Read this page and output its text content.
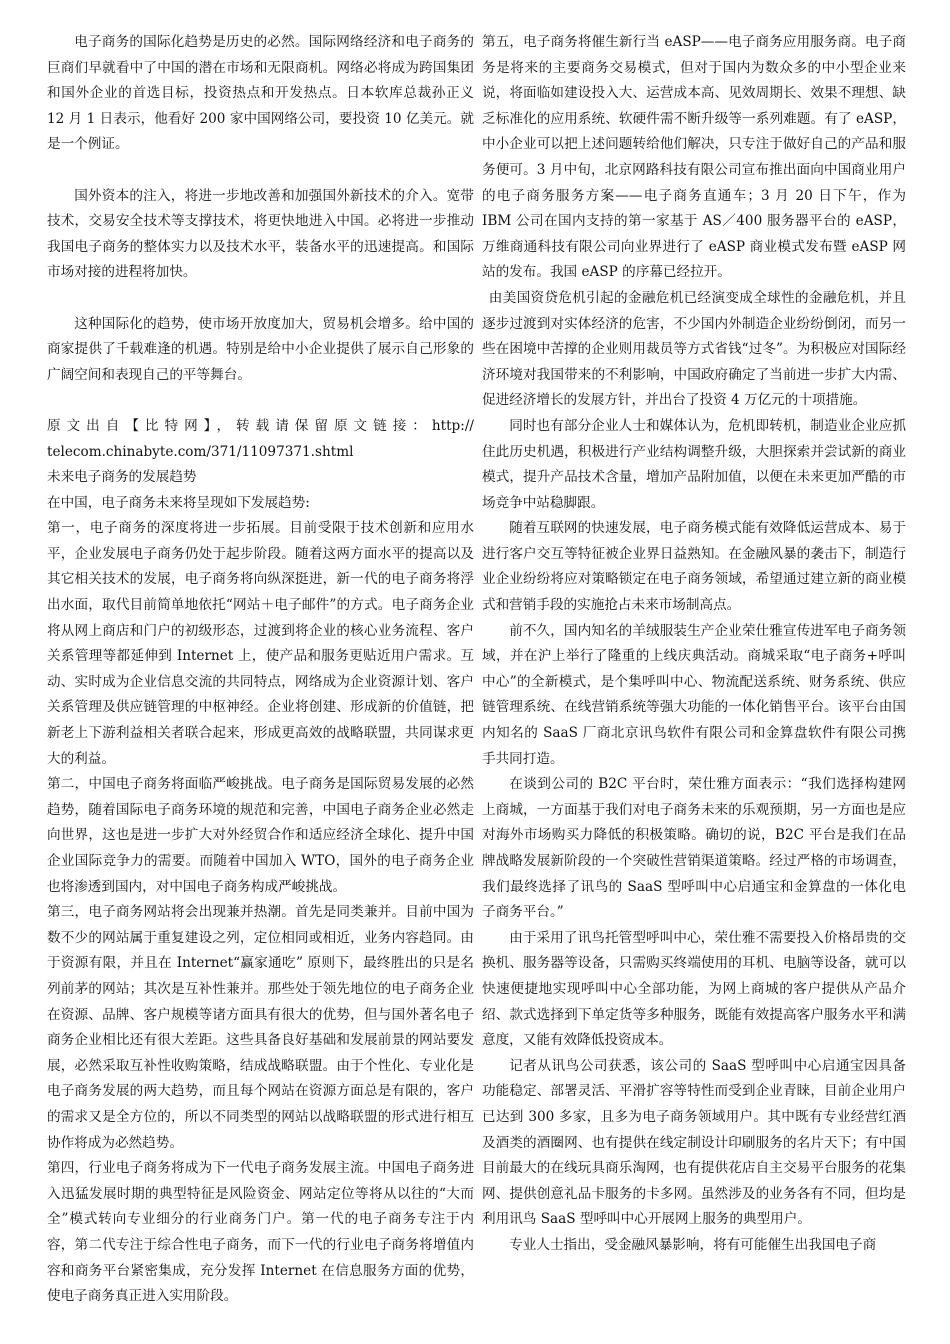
电子商务的国际化趋势是历史的必然。国际网络经济和电子商务的巨商们早就看中了中国的潜在市场和无限商机。网络必将成为跨国集团和国外企业的首选目标，投资热点和开发热点。日本软库总裁孙正义 12 月 1 日表示，他看好 200 家中国网络公司，要投资 10 亿美元。就是一个例证。

国外资本的注入，将进一步地改善和加强国外新技术的介入。宽带技术，交易安全技术等支撑技术，将更快地进入中国。必将进一步推动我国电子商务的整体实力以及技术水平，装备水平的迅速提高。和国际市场对接的进程将加快。

这种国际化的趋势，使市场开放度加大，贸易机会增多。给中国的商家提供了千载难逢的机遇。特别是给中小企业提供了展示自己形象的广阔空间和表现自己的平等舞台。

原文出自【比特网】，转载请保留原文链接：http://

telecom.chinabyte.com/371/11097371.shtml

未来电子商务的发展趋势

在中国，电子商务未来将呈现如下发展趋势:

第一，电子商务的深度将进一步拓展。目前受限于技术创新和应用水平，企业发展电子商务仍处于起步阶段。随着这两方面水平的提高以及其它相关技术的发展，电子商务将向纵深挺进，新一代的电子商务将浮出水面，取代目前简单地依托“网站＋电子邮件”的方式。电子商务企业将从网上商店和门户的初级形态，过渡到将企业的核心业务流程、客户关系管理等都延伸到 Internet 上，使产品和服务更贴近用户需求。互动、实时成为企业信息交流的共同特点，网络成为企业资源计划、客户关系管理及供应链管理的中枢神经。企业将创建、形成新的价值链，把新老上下游利益相关者联合起来，形成更高效的战略联盟，共同谋求更大的利益。

第二，中国电子商务将面临严峻挑战。电子商务是国际贸易发展的必然趋势，随着国际电子商务环境的规范和完善，中国电子商务企业必然走向世界，这也是进一步扩大对外经贸合作和适应经济全球化、提升中国企业国际竞争力的需要。而随着中国加入 WTO，国外的电子商务企业也将渗透到国内，对中国电子商务构成严峻挑战。

第三，电子商务网站将会出现兼并热潮。首先是同类兼并。目前中国为数不少的网站属于重复建设之列，定位相同或相近，业务内容趋同。由于资源有限，并且在 Internet“赢家通吃” 原则下，最终胜出的只是名列前茅的网站；其次是互补性兼并。那些处于领先地位的电子商务企业在资源、品牌、客户规模等诸方面具有很大的优势，但与国外著名电子商务企业相比还有很大差距。这些具备良好基础和发展前景的网站要发展，必然采取互补性收购策略，结成战略联盟。由于个性化、专业化是电子商务发展的两大趋势，而且每个网站在资源方面总是有限的，客户的需求又是全方位的，所以不同类型的网站以战略联盟的形式进行相互协作将成为必然趋势。

第四，行业电子商务将成为下一代电子商务发展主流。中国电子商务进入迅猛发展时期的典型特征是风险资金、网站定位等将从以往的“大而全”模式转向专业细分的行业商务门户。第一代的电子商务专注于内容，第二代专注于综合性电子商务，而下一代的行业电子商务将增值内容和商务平台紧密集成，充分发挥 Internet 在信息服务方面的优势，使电子商务真正进入实用阶段。

第五，电子商务将催生新行当 eASP——电子商务应用服务商。电子商务是将来的主要商务交易模式，但对于国内为数众多的中小型企业来说，将面临如建设投入大、运营成本高、见效周期长、效果不理想、缺乏标准化的应用系统、软硬件需不断升级等一系列难题。有了 eASP，中小企业可以把上述问题转给他们解决，只专注于做好自己的产品和服务便可。3 月中旬，北京网路科技有限公司宣布推出面向中国商业用户的电子商务服务方案——电子商务直通车；3 月 20 日下午，作为 IBM 公司在国内支持的第一家基于 AS／400 服务器平台的 eASP，万维商通科技有限公司向业界进行了 eASP 商业模式发布暨 eASP 网站的发布。我国 eASP 的序幕已经拉开。

由美国资贷危机引起的金融危机已经演变成全球性的金融危机，并且逐步过渡到对实体经济的危害，不少国内外制造企业纷纷倒闭，而另一些在困境中苦撑的企业则用裁员等方式省钱“过冬”。为积极应对国际经济环境对我国带来的不利影响，中国政府确定了当前进一步扩大内需、促进经济增长的发展方针，并出台了投资 4 万亿元的十项措施。

同时也有部分企业人士和媒体认为，危机即转机，制造业企业应抓住此历史机遇，积极进行产业结构调整升级，大胆探索并尝试新的商业模式，提升产品技术含量，增加产品附加值，以便在未来更加严酷的市场竞争中站稳脚跟。

随着互联网的快速发展，电子商务模式能有效降低运营成本、易于进行客户交互等特征被企业界日益熟知。在金融风暴的袭击下，制造行业企业纷纷将应对策略锁定在电子商务领域，希望通过建立新的商业模式和营销手段的实施抢占未来市场制高点。

前不久，国内知名的羊绒服装生产企业荣仕雅宣传进军电子商务领域，并在沪上举行了隆重的上线庆典活动。商城采取“电子商务+呼叫中心”的全新模式，是个集呼叫中心、物流配送系统、财务系统、供应链管理系统、在线营销系统等强大功能的一体化销售平台。该平台由国内知名的 SaaS 厂商北京讯鸟软件有限公司和金算盘软件有限公司携手共同打造。

在谈到公司的 B2C 平台时，荣仕雅方面表示：“我们选择构建网上商城，一方面基于我们对电子商务未来的乐观预期，另一方面也是应对海外市场购买力降低的积极策略。确切的说，B2C 平台是我们在品牌战略发展新阶段的一个突破性营销渠道策略。经过严格的市场调查，我们最终选择了讯鸟的 SaaS 型呼叫中心启通宝和金算盘的一体化电子商务平台。”

由于采用了讯鸟托管型呼叫中心，荣仕雅不需要投入价格昂贵的交换机、服务器等设备，只需购买终端使用的耳机、电脑等设备，就可以快速便捷地实现呼叫中心全部功能，为网上商城的客户提供从产品介绍、款式选择到下单定货等多种服务，既能有效提高客户服务水平和满意度，又能有效降低投资成本。

记者从讯鸟公司获悉，该公司的 SaaS 型呼叫中心启通宝因具备功能稳定、部署灵活、平滑扩容等特性而受到企业青睐，目前企业用户已达到 300 多家，且多为电子商务领域用户。其中既有专业经营红酒及酒类的酒圈网、也有提供在线定制设计印刷服务的名片天下；有中国目前最大的在线玩具商乐淘网，也有提供花店自主交易平台服务的花集网、提供创意礼品卡服务的卡多网。虽然涉及的业务各有不同，但均是利用讯鸟 SaaS 型呼叫中心开展网上服务的典型用户。

专业人士指出，受金融风暴影响，将有可能催生出我国电子商
